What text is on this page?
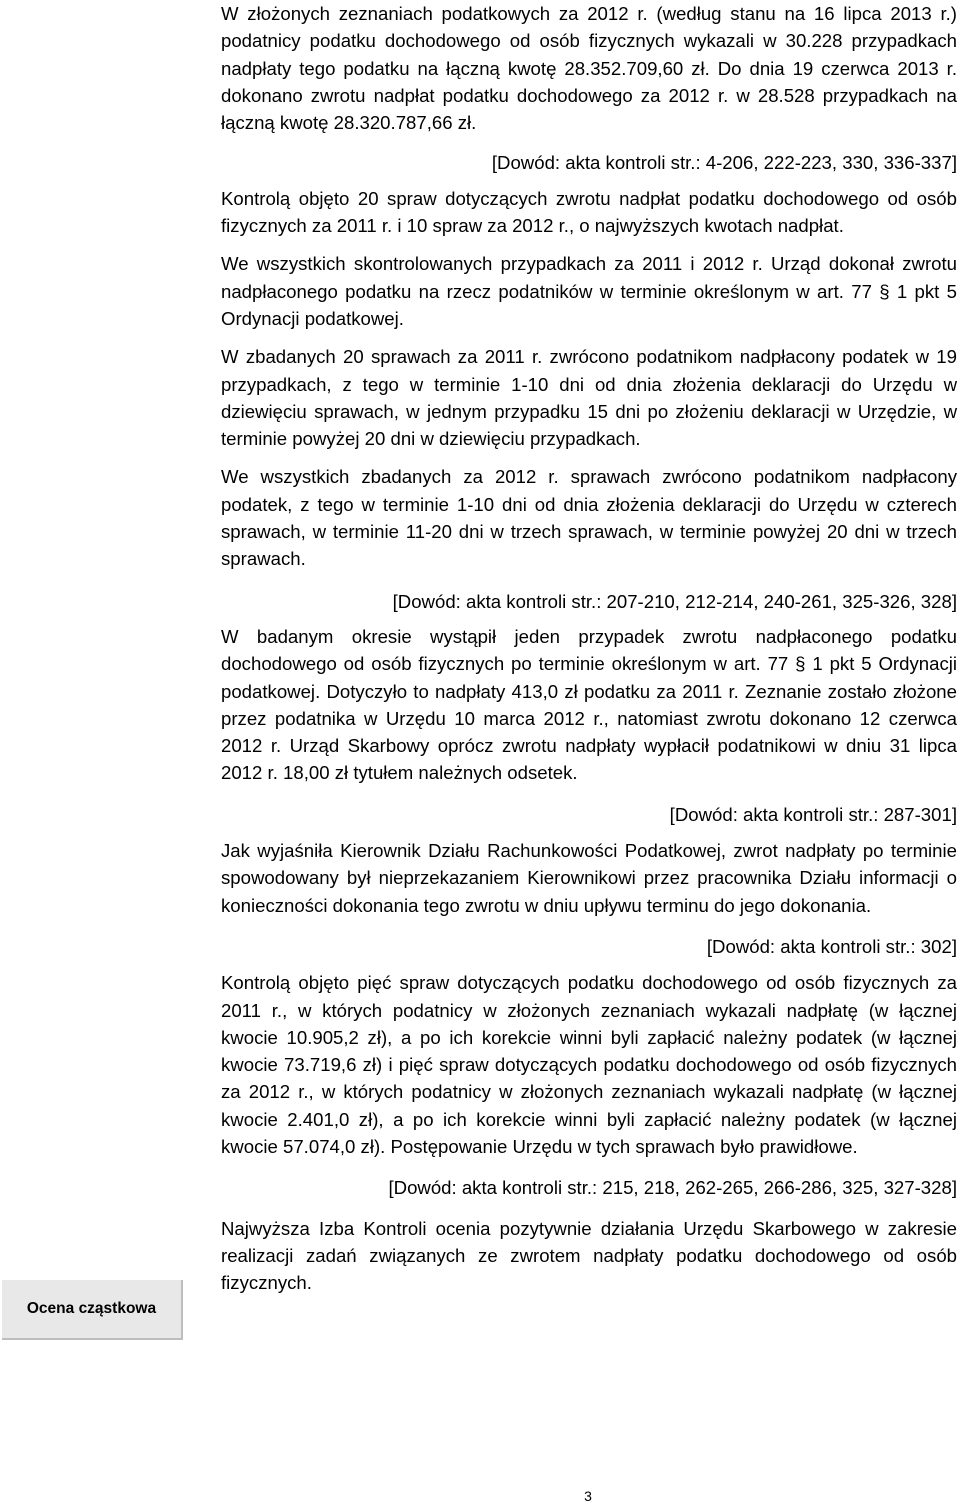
W złożonych zeznaniach podatkowych za 2012 r. (według stanu na 16 lipca 2013 r.) podatnicy podatku dochodowego od osób fizycznych wykazali w 30.228 przypadkach nadpłaty tego podatku na łączną kwotę 28.352.709,60 zł. Do dnia 19 czerwca 2013 r. dokonano zwrotu nadpłat podatku dochodowego za 2012 r. w 28.528 przypadkach na łączną kwotę 28.320.787,66 zł.

[Dowód: akta kontroli str.: 4-206, 222-223, 330, 336-337]

Kontrolą objęto 20 spraw dotyczących zwrotu nadpłat podatku dochodowego od osób fizycznych za 2011 r. i 10 spraw za 2012 r., o najwyższych kwotach nadpłat.

We wszystkich skontrolowanych przypadkach za 2011 i 2012 r. Urząd dokonał zwrotu nadpłaconego podatku na rzecz podatników w terminie określonym w art. 77 § 1 pkt 5 Ordynacji podatkowej.

W zbadanych 20 sprawach za 2011 r. zwrócono podatnikom nadpłacony podatek w 19 przypadkach, z tego w terminie 1-10 dni od dnia złożenia deklaracji do Urzędu w dziewięciu sprawach, w jednym przypadku 15 dni po złożeniu deklaracji w Urzędzie, w terminie powyżej 20 dni w dziewięciu przypadkach.

We wszystkich zbadanych za 2012 r. sprawach zwrócono podatnikom nadpłacony podatek, z tego w terminie 1-10 dni od dnia złożenia deklaracji do Urzędu w czterech sprawach, w terminie 11-20 dni w trzech sprawach, w terminie powyżej 20 dni w trzech sprawach.

[Dowód: akta kontroli str.: 207-210, 212-214, 240-261, 325-326, 328]

W badanym okresie wystąpił jeden przypadek zwrotu nadpłaconego podatku dochodowego od osób fizycznych po terminie określonym w art. 77 § 1 pkt 5 Ordynacji podatkowej. Dotyczyło to nadpłaty 413,0 zł podatku za 2011 r. Zeznanie zostało złożone przez podatnika w Urzędu 10 marca 2012 r., natomiast zwrotu dokonano 12 czerwca 2012 r. Urząd Skarbowy oprócz zwrotu nadpłaty wypłacił podatnikowi w dniu 31 lipca 2012 r. 18,00 zł tytułem należnych odsetek.

[Dowód: akta kontroli str.: 287-301]

Jak wyjaśniła Kierownik Działu Rachunkowości Podatkowej, zwrot nadpłaty po terminie spowodowany był nieprzekazaniem Kierownikowi przez pracownika Działu informacji o konieczności dokonania tego zwrotu w dniu upływu terminu do jego dokonania.

[Dowód: akta kontroli str.: 302]

Kontrolą objęto pięć spraw dotyczących podatku dochodowego od osób fizycznych za 2011 r., w których podatnicy w złożonych zeznaniach wykazali nadpłatę (w łącznej kwocie 10.905,2 zł), a po ich korekcie winni byli zapłacić należny podatek (w łącznej kwocie 73.719,6 zł) i pięć spraw dotyczących podatku dochodowego od osób fizycznych za 2012 r., w których podatnicy w złożonych zeznaniach wykazali nadpłatę (w łącznej kwocie 2.401,0 zł), a po ich korekcie winni byli zapłacić należny podatek (w łącznej kwocie 57.074,0 zł). Postępowanie Urzędu w tych sprawach było prawidłowe.

[Dowód: akta kontroli str.: 215, 218, 262-265, 266-286, 325, 327-328]

Najwyższa Izba Kontroli ocenia pozytywnie działania Urzędu Skarbowego w zakresie realizacji zadań związanych ze zwrotem nadpłaty podatku dochodowego od osób fizycznych.

Ocena cząstkowa
3
